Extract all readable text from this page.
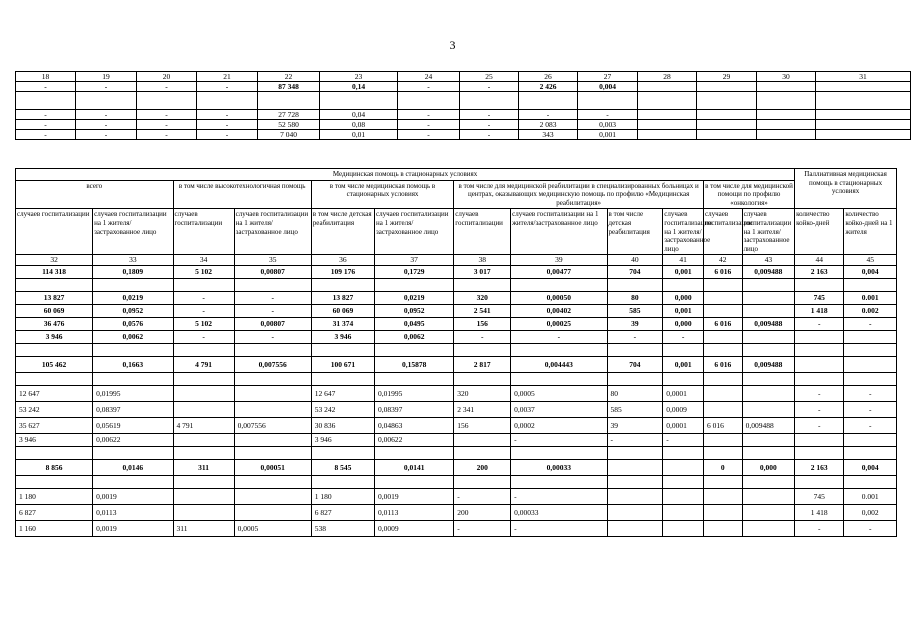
3
18	19	20	21	22	23	24	25	26	27	28	29	30	31
-	-	-	-	87 348	0,14	-	-	2 426	0,004				

-	-	-	-	27 728	0,04	-	-	-	-				
-	-	-	-	52 580	0,08	-	-	2 083	0,003				
-	-	-	-	7 040	0,01	-	-	343	0,001				
Медицинская помощь в стационарных условиях												Паллиативная медицинская помощь в стационарных условиях	
всего		в том числе высокотехнологичная помощь		в том числе медицинская помощь в стационарных условиях		в том числе для медицинской реабилитации в специализированных больницах и центрах, оказывающих медицинскую помощь по профилю «Медицинская реабилитация»				в том числе для медицинской помощи по профилю «онкология»			
случаев госпитализации	случаев госпитализации на 1 жителя/застрахованное лицо	случаев госпитализации	случаев госпитализации на 1 жителя/застрахованное лицо	в том числе детская реабилитация	случаев госпитализации на 1 жителя/застрахованное лицо	случаев госпитализации	случаев госпитализации на 1 жителя/застрахованное лицо	в том числе детская реабилитация	случаев госпитализации на 1 жителя/застрахованное лицо	случаев госпитализации	случаев госпитализации на 1 жителя/застрахованное лицо	количество койко-дней	количество койко-дней на 1 жителя
32	33	34	35	36	37	38	39	40	41	42	43	44	45
114 318	0,1809	5 102	0,00807	109 176	0,1729	3 017	0,00477	704	0,001	6 016	0,009488	2 163	0,004

13 827	0,0219	-	-	13 827	0,0219	320	0,00050	80	0,000			745	0.001
60 069	0,0952	-	-	60 069	0,0952	2 541	0,00402	585	0,001			1 418	0.002
36 476	0,0576	5 102	0,00807	31 374	0,0495	156	0,00025	39	0,000	6 016	0,009488	-	-
3 946	0,0062	-	-	3 946	0,0062	-	-	-	-				

105 462	0,1663	4 791	0,007556	100 671	0,15878	2 817	0,004443	704	0,001	6 016	0,009488		

12 647	0,01995			12 647	0,01995	320	0,0005	80	0,0001			-	-
53 242	0,08397			53 242	0,08397	2 341	0,0037	585	0,0009			-	-
35 627	0,05619	4 791	0,007556	30 836	0,04863	156	0,0002	39	0,0001	6 016	0,009488	-	-
3 946	0,00622			3 946	0,00622		-	-	-				

8 856	0,0146	311	0,00051	8 545	0,0141	200	0,00033			0	0,000	2 163	0,004

1 180	0,0019			1 180	0,0019	-	-					745	0.001
6 827	0,0113			6 827	0,0113	200	0,00033					1 418	0,002
1 160	0,0019	311	0,0005	538	0,0009	-	-					-	-
